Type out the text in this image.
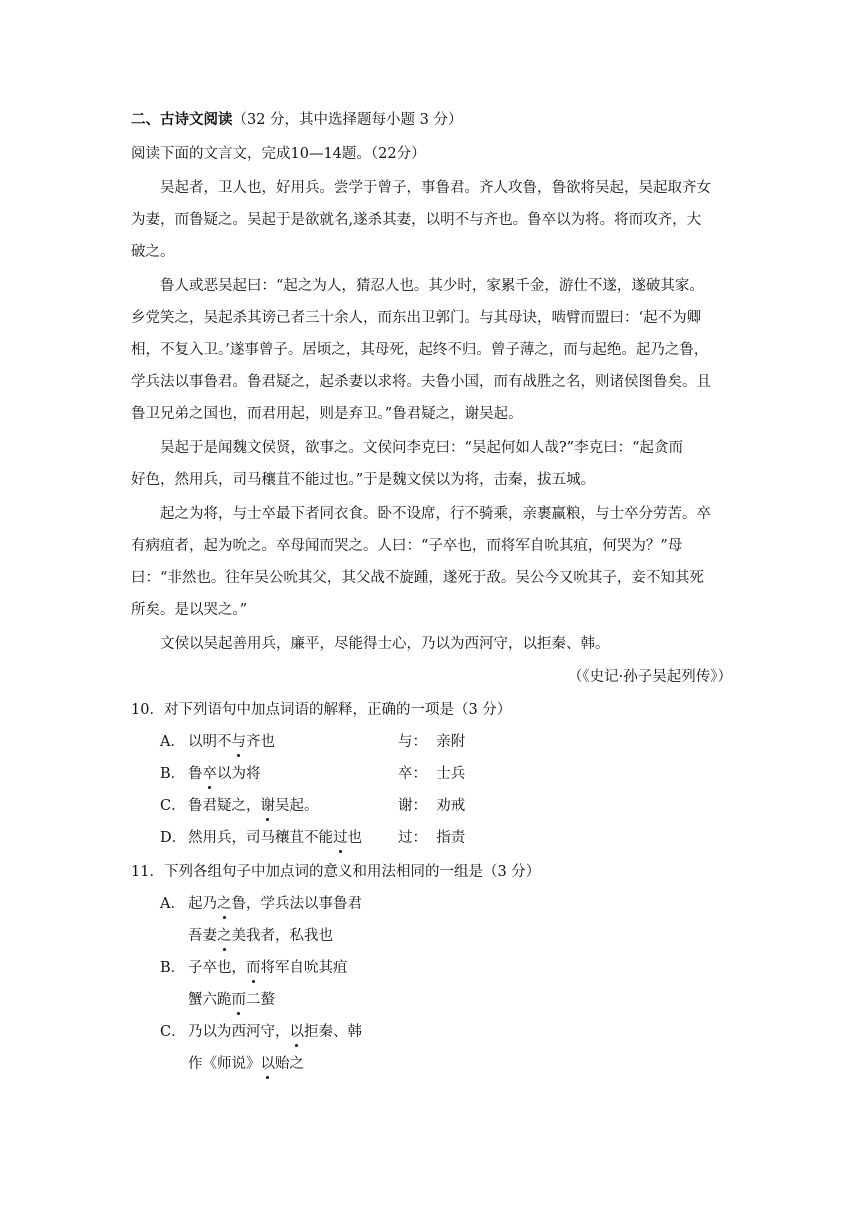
二、古诗文阅读（32 分，其中选择题每小题 3 分）
阅读下面的文言文，完成10—14题。（22分）
吴起者，卫人也，好用兵。尝学于曾子，事鲁君。齐人攻鲁，鲁欲将吴起，吴起取齐女
为妻，而鲁疑之。吴起于是欲就名,遂杀其妻，以明不与齐也。鲁卒以为将。将而攻齐，大
破之。
鲁人或恶吴起曰：“起之为人，猜忍人也。其少时，家累千金，游仕不遂，遂破其家。
乡党笑之，吴起杀其谤己者三十余人，而东出卫郭门。与其母诀，啮臂而盟曰：‘起不为卿
相，不复入卫。’遂事曾子。居顷之，其母死，起终不归。曾子薄之，而与起绝。起乃之鲁，
学兵法以事鲁君。鲁君疑之，起杀妻以求将。夫鲁小国，而有战胜之名，则诸侯图鲁矣。且
鲁卫兄弟之国也，而君用起，则是弃卫。”鲁君疑之，谢吴起。
吴起于是闻魏文侯贤，欲事之。文侯问李克曰：“吴起何如人哉?”李克曰：“起贪而
好色，然用兵，司马穰苴不能过也。”于是魏文侯以为将，击秦，拔五城。
起之为将，与士卒最下者同衣食。卧不设席，行不骑乘，亲裹赢粮，与士卒分劳苦。卒
有病疽者，起为吮之。卒母闻而哭之。人曰：“子卒也，而将军自吮其疽，何哭为？”母
曰：“非然也。往年吴公吮其父，其父战不旋踵，遂死于敌。吴公今又吮其子，妾不知其死
所矣。是以哭之。”
文侯以吴起善用兵，廉平，尽能得士心，乃以为西河守，以拒秦、韩。
（《史记·孙子吴起列传》）
10．对下列语句中加点词语的解释，正确的一项是（3 分）
A． 以明不与齐也	与： 亲附
B． 鲁卒以为将	卒： 士兵
C． 鲁君疑之，谢吴起。	谢： 劝戒
D． 然用兵，司马穰苴不能过也 过： 指责
11．下列各组句子中加点词的意义和用法相同的一组是（3 分）
A． 起乃之鲁，学兵法以事鲁君
吾妻之美我者，私我也
B． 子卒也，而将军自吮其疽
蟹六跪而二螯
C． 乃以为西河守，以拒秦、韩
作《师说》以贻之
